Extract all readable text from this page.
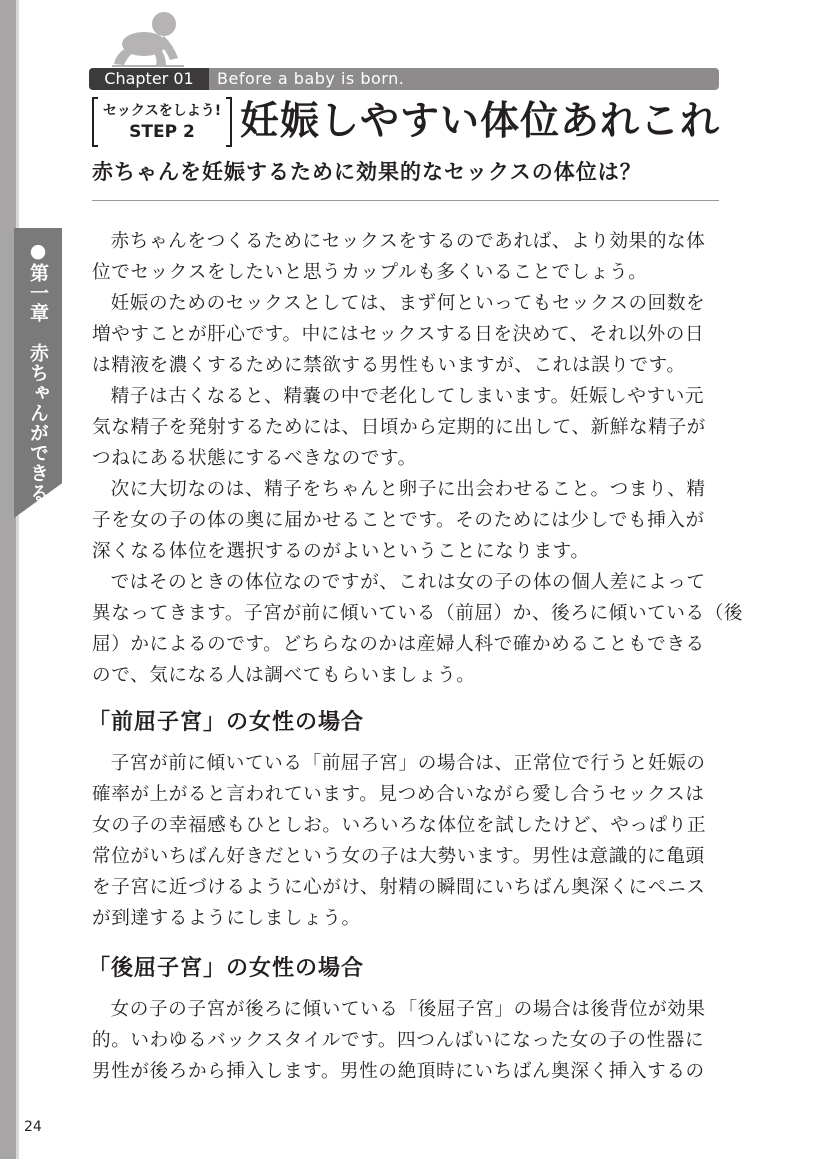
●第一章　赤ちゃんができるまで
Chapter 01	Before a baby is born.
セックスをしよう!
STEP 2	妊娠しやすい体位あれこれ
赤ちゃんを妊娠するために効果的なセックスの体位は？

赤ちゃんをつくるためにセックスをするのであれば、より効果的な体

位でセックスをしたいと思うカップルも多くいることでしょう。

妊娠のためのセックスとしては、まず何といってもセックスの回数を

増やすことが肝心です。中にはセックスする日を決めて、それ以外の日

は精液を濃くするために禁欲する男性もいますが、これは誤りです。

精子は古くなると、精嚢の中で老化してしまいます。妊娠しやすい元

気な精子を発射するためには、日頃から定期的に出して、新鮮な精子が

つねにある状態にするべきなのです。

次に大切なのは、精子をちゃんと卵子に出会わせること。つまり、精

子を女の子の体の奥に届かせることです。そのためには少しでも挿入が

深くなる体位を選択するのがよいということになります。

ではそのときの体位なのですが、これは女の子の体の個人差によって

異なってきます。子宮が前に傾いている（前屈）か、後ろに傾いている（後

屈）かによるのです。どちらなのかは産婦人科で確かめることもできる

ので、気になる人は調べてもらいましょう。

「前屈子宮」の女性の場合

子宮が前に傾いている「前屈子宮」の場合は、正常位で行うと妊娠の

確率が上がると言われています。見つめ合いながら愛し合うセックスは

女の子の幸福感もひとしお。いろいろな体位を試したけど、やっぱり正

常位がいちばん好きだという女の子は大勢います。男性は意識的に亀頭

を子宮に近づけるように心がけ、射精の瞬間にいちばん奥深くにペニス

が到達するようにしましょう。

「後屈子宮」の女性の場合

女の子の子宮が後ろに傾いている「後屈子宮」の場合は後背位が効果

的。いわゆるバックスタイルです。四つんばいになった女の子の性器に

男性が後ろから挿入します。男性の絶頂時にいちばん奥深く挿入するの

24
